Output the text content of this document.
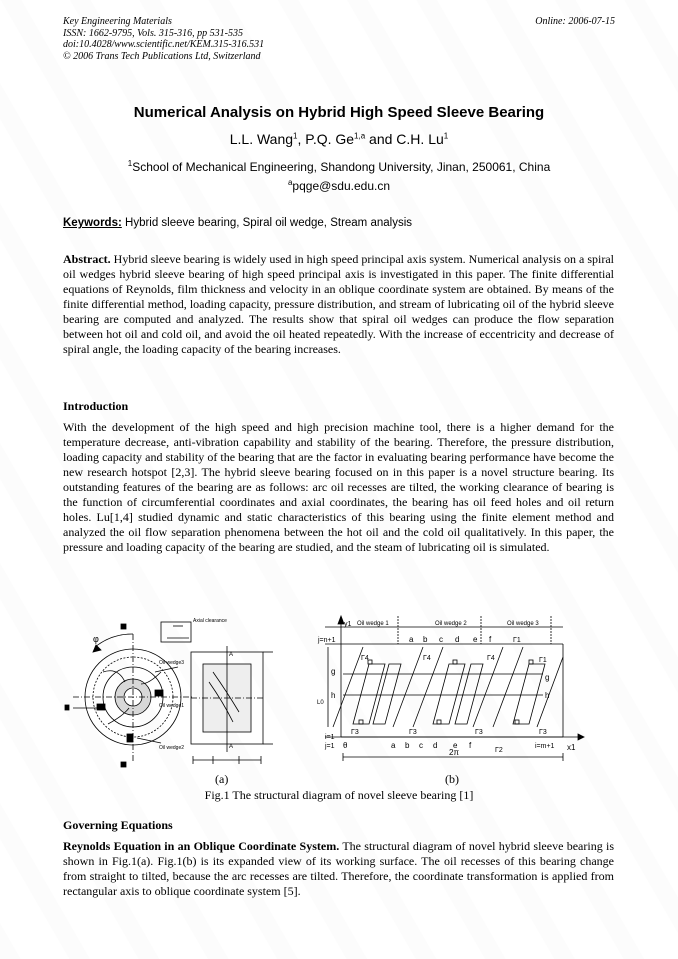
Key Engineering Materials
ISSN: 1662-9795, Vols. 315-316, pp 531-535
doi:10.4028/www.scientific.net/KEM.315-316.531
© 2006 Trans Tech Publications Ltd, Switzerland
Online: 2006-07-15
Numerical Analysis on Hybrid High Speed Sleeve Bearing
L.L. Wang$^1$, P.Q. Ge$^{1,a}$ and C.H. Lu$^1$
$^1$School of Mechanical Engineering, Shandong University, Jinan, 250061, China
$^a$pqge@sdu.edu.cn
Keywords: Hybrid sleeve bearing, Spiral oil wedge, Stream analysis

Abstract. Hybrid sleeve bearing is widely used in high speed principal axis system. Numerical analysis on a spiral oil wedges hybrid sleeve bearing of high speed principal axis is investigated in this paper. The finite differential equations of Reynolds, film thickness and velocity in an oblique coordinate system are obtained. By means of the finite differential method, loading capacity, pressure distribution, and stream of lubricating oil of the hybrid sleeve bearing are computed and analyzed. The results show that spiral oil wedges can produce the flow separation between hot oil and cold oil, and avoid the oil heated repeatedly. With the increase of eccentricity and decrease of spiral angle, the loading capacity of the bearing increases.

Introduction

With the development of the high speed and high precision machine tool, there is a higher demand for the temperature decrease, anti-vibration capability and stability of the bearing. Therefore, the pressure distribution, loading capacity and stability of the bearing that are the factor in evaluating bearing performance have become the new research hotspot [2,3]. The hybrid sleeve bearing focused on in this paper is a novel structure bearing. Its outstanding features of the bearing are as follows: arc oil recesses are tilted, the working clearance of bearing is the function of circumferential coordinates and axial coordinates, the bearing has oil feed holes and oil return holes. Lu[1,4] studied dynamic and static characteristics of this bearing using the finite element method and analyzed the oil flow separation phenomena between the hot oil and the cold oil qualitatively. In this paper, the pressure and loading capacity of the bearing are studied, and the steam of lubricating oil is simulated.

φ
Oil wedge3
Oil wedge1
Oil wedge2
Axial clearance
A
A
y1 Oil wedge 1	Oil wedge 2	Oil wedge 3
j=n+1
i=1
j=1	i=m+1 x1
2π
L0
θ
g
g
h	h
Γ4	Γ4	Γ4	Γ1
Γ1
Γ3	Γ3	Γ3	Γ3
Γ2
a b c d e f
a b c d e f
(a)	(b)
Fig.1 The structural diagram of novel sleeve bearing [1]
Governing Equations

Reynolds Equation in an Oblique Coordinate System. The structural diagram of novel hybrid sleeve bearing is shown in Fig.1(a). Fig.1(b) is its expanded view of its working surface. The oil recesses of this bearing change from straight to tilted, because the arc recesses are tilted. Therefore, the coordinate transformation is applied from rectangular axis to oblique coordinate system [5].
